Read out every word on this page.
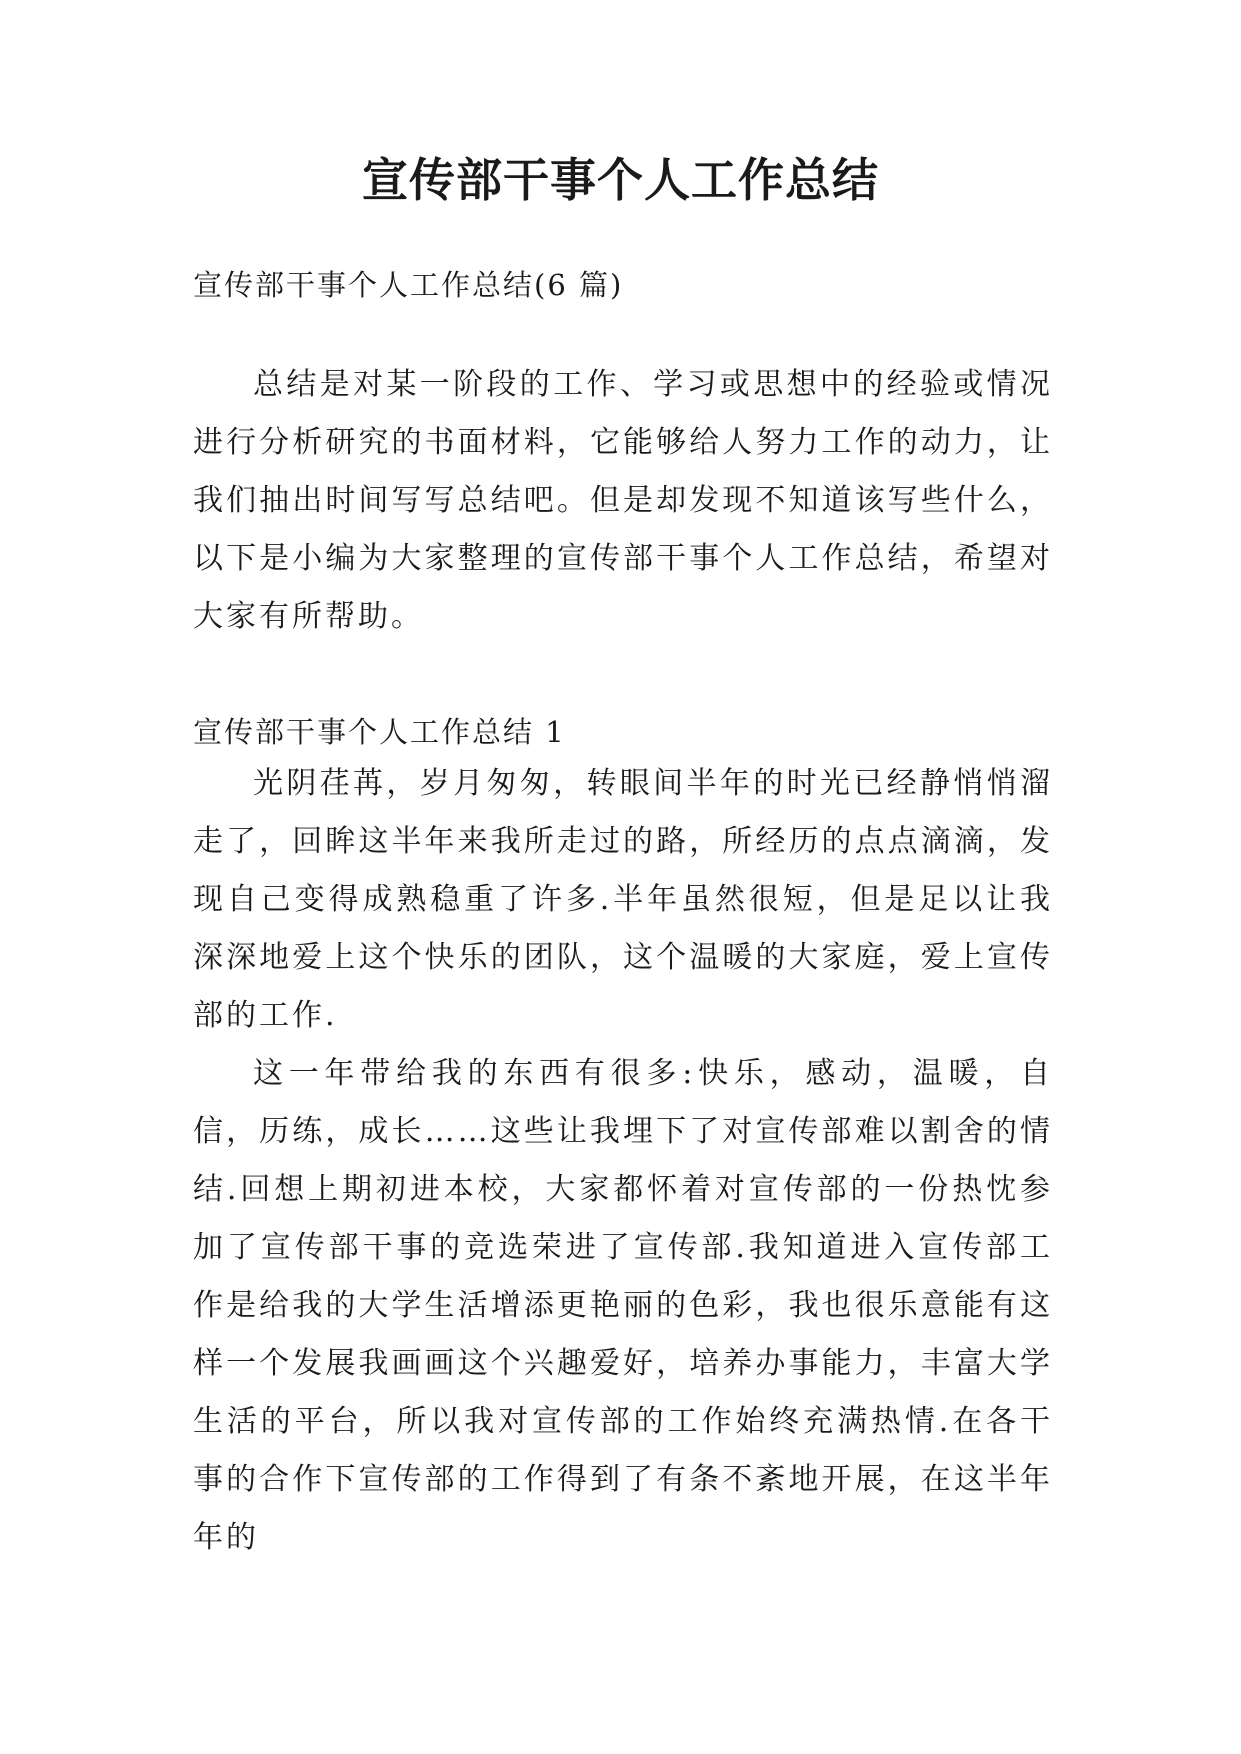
宣传部干事个人工作总结
宣传部干事个人工作总结(6 篇)

总结是对某一阶段的工作、学习或思想中的经验或情况进行分析研究的书面材料，它能够给人努力工作的动力，让我们抽出时间写写总结吧。但是却发现不知道该写些什么，以下是小编为大家整理的宣传部干事个人工作总结，希望对大家有所帮助。

宣传部干事个人工作总结 1

光阴荏苒，岁月匆匆，转眼间半年的时光已经静悄悄溜走了，回眸这半年来我所走过的路，所经历的点点滴滴，发现自己变得成熟稳重了许多.半年虽然很短，但是足以让我深深地爱上这个快乐的团队，这个温暖的大家庭，爱上宣传部的工作.

这一年带给我的东西有很多:快乐，感动，温暖，自信，历练，成长……这些让我埋下了对宣传部难以割舍的情结.回想上期初进本校，大家都怀着对宣传部的一份热忱参加了宣传部干事的竞选荣进了宣传部.我知道进入宣传部工作是给我的大学生活增添更艳丽的色彩，我也很乐意能有这样一个发展我画画这个兴趣爱好，培养办事能力，丰富大学生活的平台，所以我对宣传部的工作始终充满热情.在各干事的合作下宣传部的工作得到了有条不紊地开展，在这半年年的
